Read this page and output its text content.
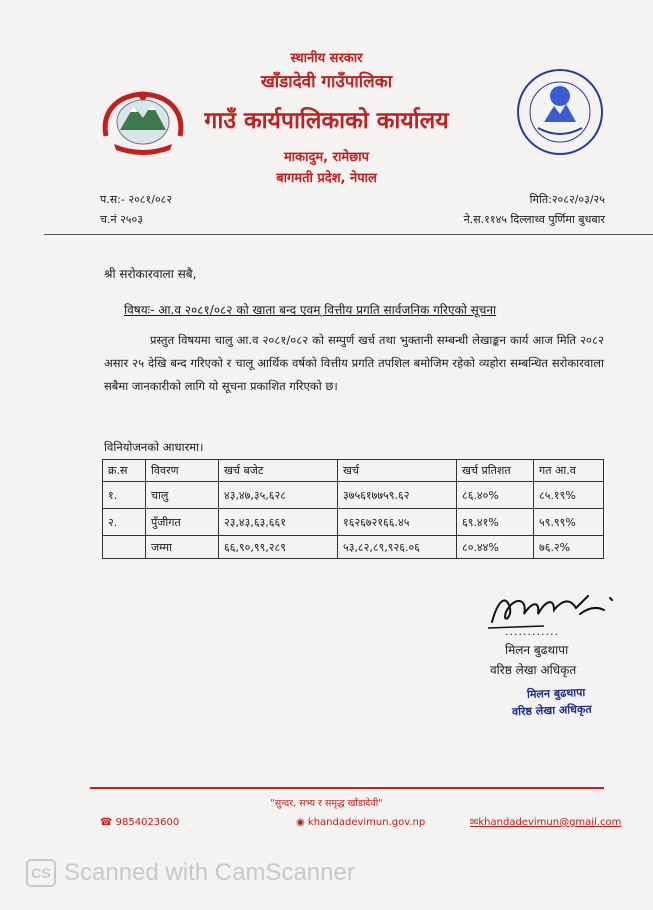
स्थानीय सरकार
खाँडादेवी गाउँपालिका
गाउँ कार्यपालिकाको कार्यालय
माकादुम, रामेछाप
बागमती प्रदेश, नेपाल
प.स:- २०८१/०८२
च.नं २५०३
मिति:२०८२/०३/२५
ने.स.११४५ दिल्लाथ्व पुर्णिमा बुधबार
श्री सरोकारवाला सबै,
विषयः- आ.व २०८१/०८२ को खाता बन्द एवम् वित्तीय प्रगति सार्वजनिक गरिएको सूचना
प्रस्तुत विषयमा चालु आ.व २०८१/०८२ को सम्पुर्ण खर्च तथा भुक्तानी सम्बन्धी लेखाङ्कन कार्य आज मिति २०८२ असार २५ देखि बन्द गरिएको र चालू आर्थिक वर्षको वित्तीय प्रगति तपशिल बमोजिम रहेको व्यहोरा सम्बन्धित सरोकारवाला सबैमा जानकारीको लागि यो सूचना प्रकाशित गरिएको छ।
विनियोजनको आधारमा।
क्र.स	विवरण	खर्च बजेट	खर्च	खर्च प्रतिशत	गत आ.व
१.	चालु	४३,४७,३५,६२८	३७५६१७७५९.६२	८६.४०%	८५.१९%
२.	पुँजीगत	२३,४३,६३,६६१	१६२६७२१६६.४५	६९.४१%	५९.९९%
	जम्मा	६६,९०,९९,२८९	५३,८२,८९,९२६.०६	८०.४४%	७६.२%
............
मिलन बुढथापा
वरिष्ठ लेखा अधिकृत
मिलन बुढथापा
वरिष्ठ लेखा अधिकृत
"सुन्दर, सभ्य र समृद्ध खाँडादेवी"
☎ 9854023600	◉ khandadevimun.gov.np	✉khandadevimun@gmail.com
CS Scanned with CamScanner
